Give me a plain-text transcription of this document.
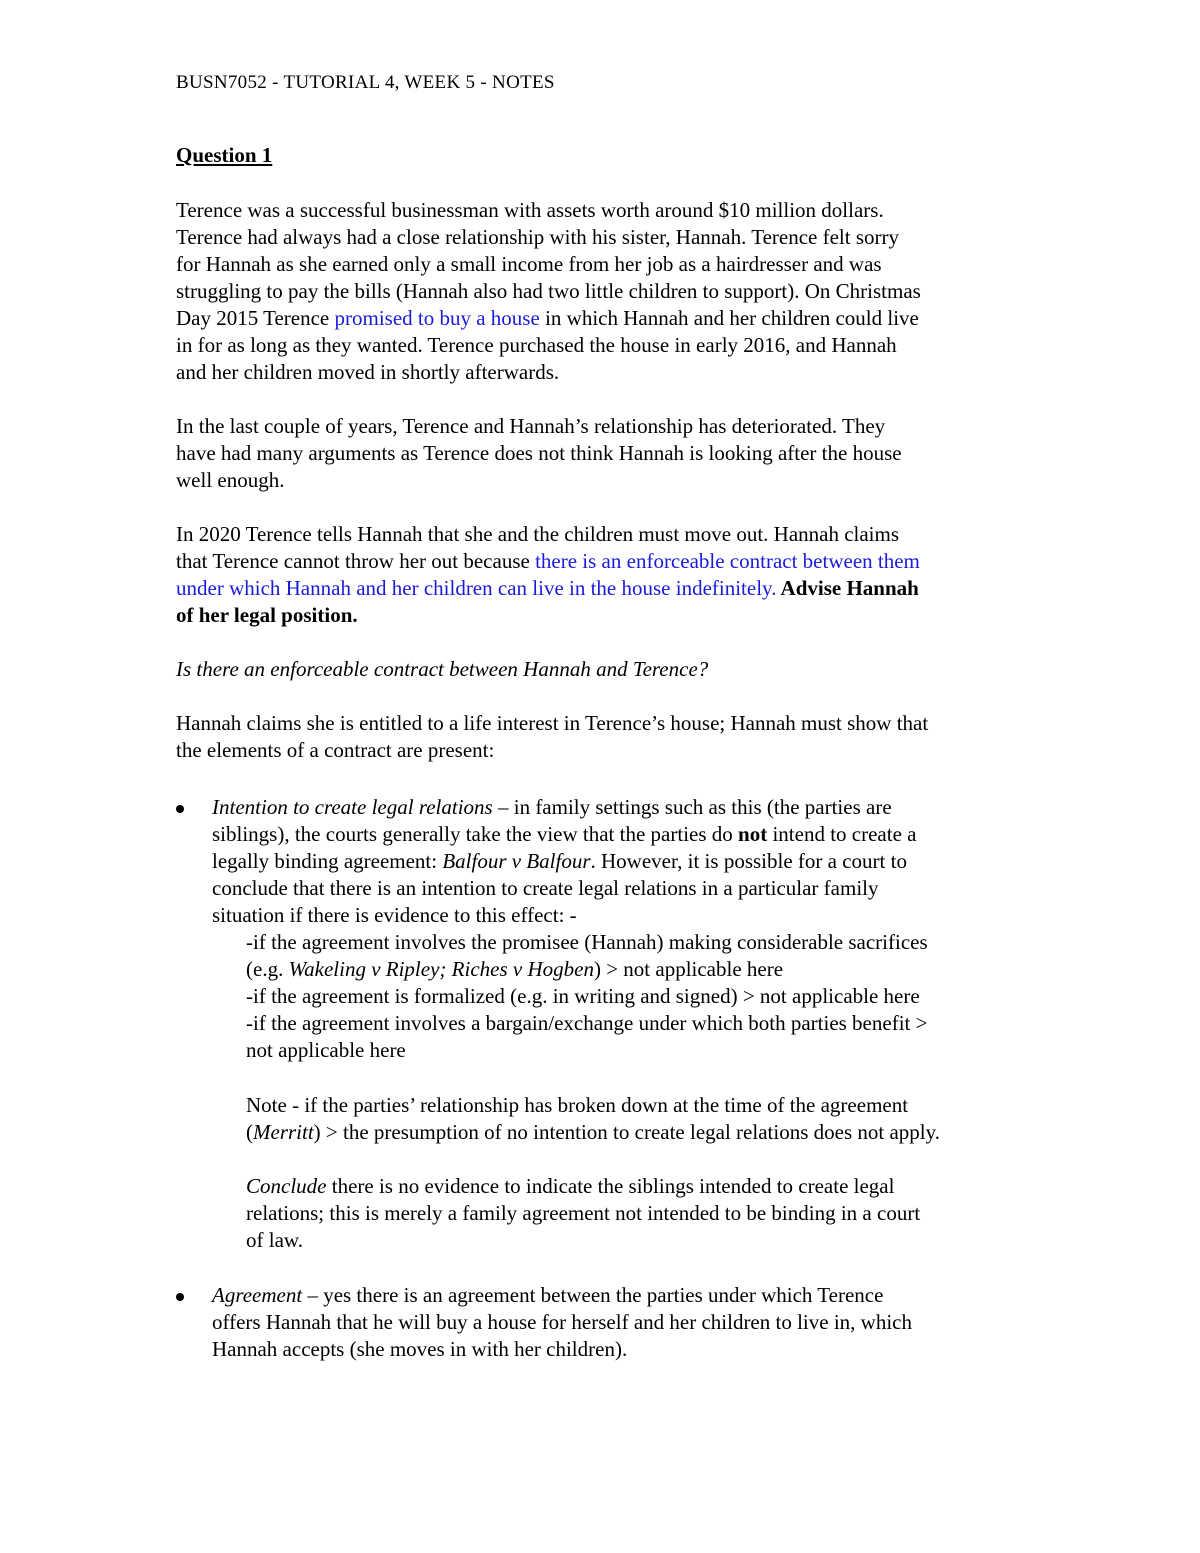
BUSN7052 - TUTORIAL 4, WEEK 5 - NOTES
Question 1
Terence was a successful businessman with assets worth around $10 million dollars.
Terence had always had a close relationship with his sister, Hannah. Terence felt sorry
for Hannah as she earned only a small income from her job as a hairdresser and was
struggling to pay the bills (Hannah also had two little children to support). On Christmas
Day 2015 Terence promised to buy a house in which Hannah and her children could live
in for as long as they wanted. Terence purchased the house in early 2016, and Hannah
and her children moved in shortly afterwards.
In the last couple of years, Terence and Hannah’s relationship has deteriorated. They
have had many arguments as Terence does not think Hannah is looking after the house
well enough.
In 2020 Terence tells Hannah that she and the children must move out. Hannah claims
that Terence cannot throw her out because there is an enforceable contract between them
under which Hannah and her children can live in the house indefinitely. Advise Hannah
of her legal position.
Is there an enforceable contract between Hannah and Terence?
Hannah claims she is entitled to a life interest in Terence’s house; Hannah must show that
the elements of a contract are present:
Intention to create legal relations – in family settings such as this (the parties are
siblings), the courts generally take the view that the parties do not intend to create a
legally binding agreement: Balfour v Balfour. However, it is possible for a court to
conclude that there is an intention to create legal relations in a particular family
situation if there is evidence to this effect: -
-if the agreement involves the promisee (Hannah) making considerable sacrifices
(e.g. Wakeling v Ripley; Riches v Hogben) > not applicable here
-if the agreement is formalized (e.g. in writing and signed) > not applicable here
-if the agreement involves a bargain/exchange under which both parties benefit >
not applicable here
Note - if the parties’ relationship has broken down at the time of the agreement
(Merritt) > the presumption of no intention to create legal relations does not apply.
Conclude there is no evidence to indicate the siblings intended to create legal
relations; this is merely a family agreement not intended to be binding in a court
of law.
Agreement – yes there is an agreement between the parties under which Terence
offers Hannah that he will buy a house for herself and her children to live in, which
Hannah accepts (she moves in with her children).
